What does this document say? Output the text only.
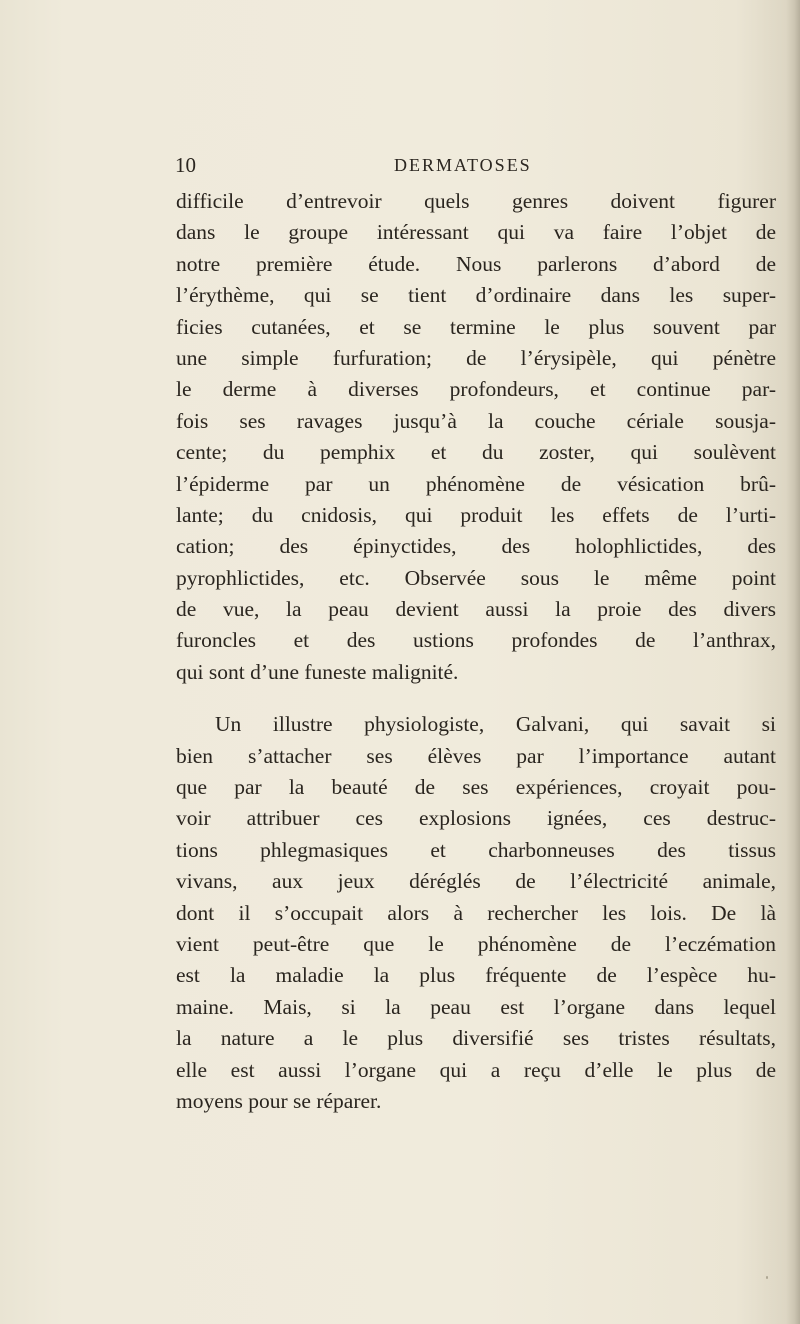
10	DERMATOSES
difficile d’entrevoir quels genres doivent figurer
dans le groupe intéressant qui va faire l’objet de
notre première étude. Nous parlerons d’abord de
l’érythème, qui se tient d’ordinaire dans les super-
ficies cutanées, et se termine le plus souvent par
une simple furfuration; de l’érysipèle, qui pénètre
le derme à diverses profondeurs, et continue par-
fois ses ravages jusqu’à la couche cériale sousja-
cente; du pemphix et du zoster, qui soulèvent
l’épiderme par un phénomène de vésication brû-
lante; du cnidosis, qui produit les effets de l’urti-
cation; des épinyctides, des holophlictides, des
pyrophlictides, etc. Observée sous le même point
de vue, la peau devient aussi la proie des divers
furoncles et des ustions profondes de l’anthrax,
qui sont d’une funeste malignité.
Un illustre physiologiste, Galvani, qui savait si
bien s’attacher ses élèves par l’importance autant
que par la beauté de ses expériences, croyait pou-
voir attribuer ces explosions ignées, ces destruc-
tions phlegmasiques et charbonneuses des tissus
vivans, aux jeux déréglés de l’électricité animale,
dont il s’occupait alors à rechercher les lois. De là
vient peut-être que le phénomène de l’eczémation
est la maladie la plus fréquente de l’espèce hu-
maine. Mais, si la peau est l’organe dans lequel
la nature a le plus diversifié ses tristes résultats,
elle est aussi l’organe qui a reçu d’elle le plus de
moyens pour se réparer.
